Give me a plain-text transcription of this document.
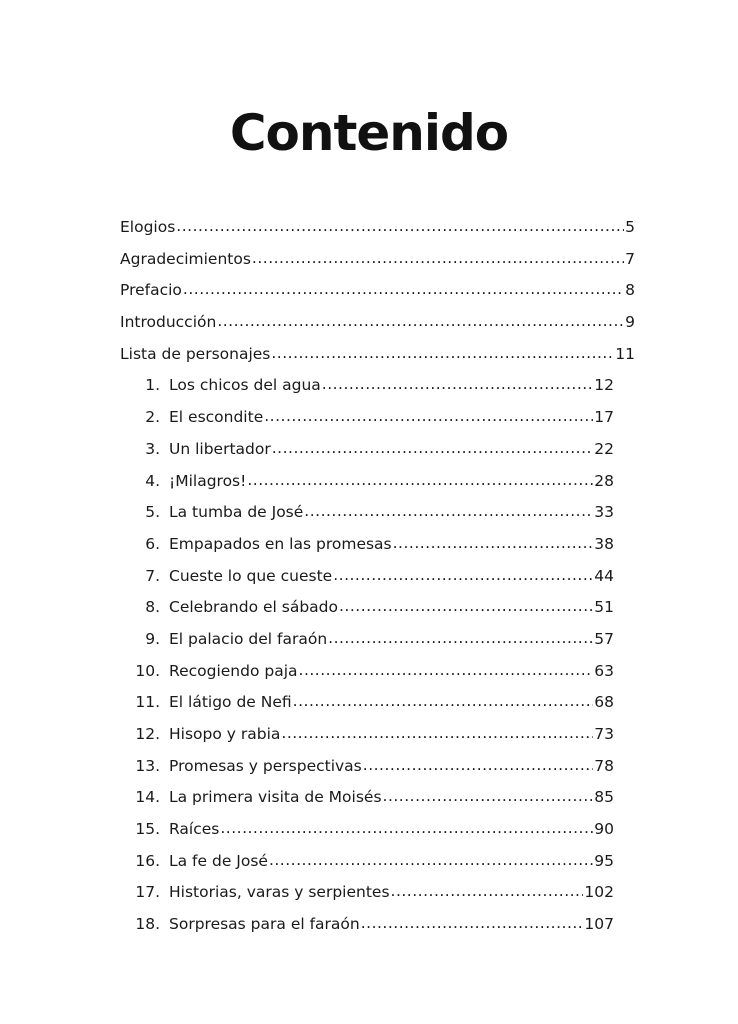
Contenido
Elogios .....	5
Agradecimientos .....	7
Prefacio .....	8
Introducción .....	9
Lista de personajes .....	11
1. Los chicos del agua .....	12
2. El escondite .....	17
3. Un libertador .....	22
4. ¡Milagros! .....	28
5. La tumba de José .....	33
6. Empapados en las promesas .....	38
7. Cueste lo que cueste .....	44
8. Celebrando el sábado .....	51
9. El palacio del faraón .....	57
10. Recogiendo paja .....	63
11. El látigo de Nefi .....	68
12. Hisopo y rabia .....	73
13. Promesas y perspectivas .....	78
14. La primera visita de Moisés .....	85
15. Raíces .....	90
16. La fe de José .....	95
17. Historias, varas y serpientes .....	102
18. Sorpresas para el faraón .....	107
